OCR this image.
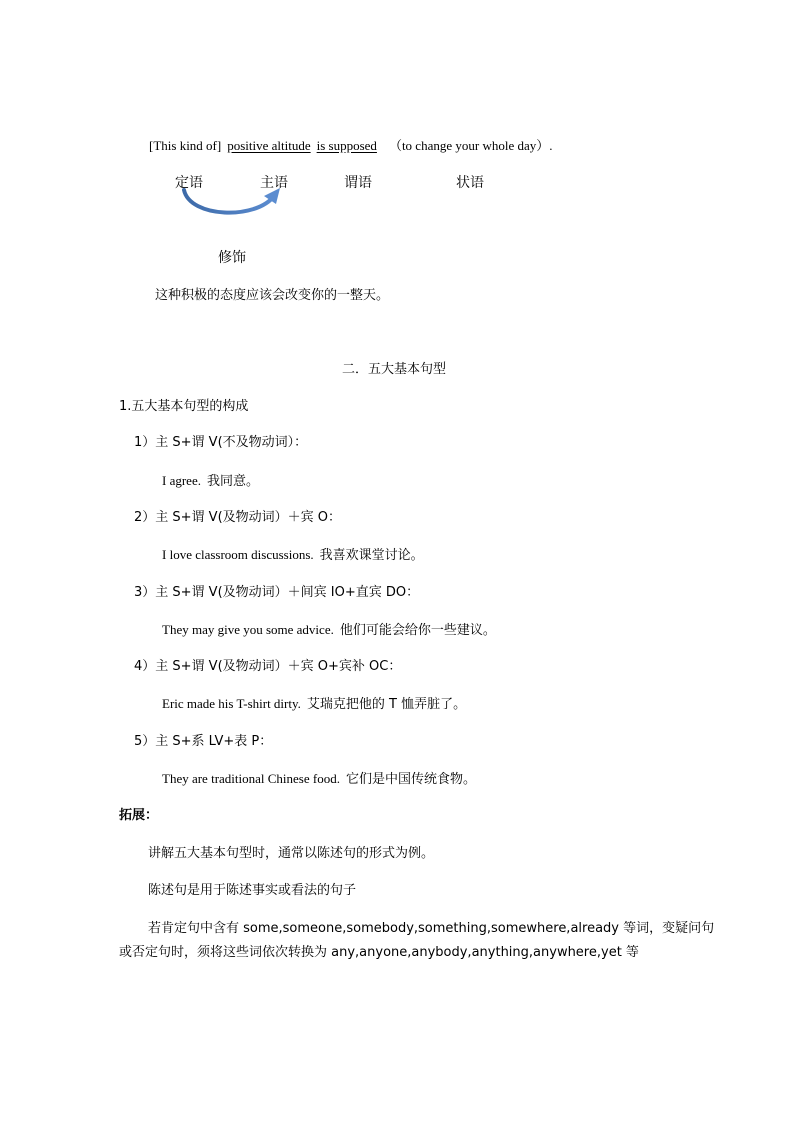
[This kind of] positive altitude is supposed （to change your whole day）.
定语	主语	谓语	状语
修饰
这种积极的态度应该会改变你的一整天。
二．五大基本句型
1.五大基本句型的构成
1）主 S+谓 V(不及物动词）：
I agree. 我同意。
2）主 S+谓 V(及物动词）＋宾 O：
I love classroom discussions. 我喜欢课堂讨论。
3）主 S+谓 V(及物动词）＋间宾 IO+直宾 DO：
They may give you some advice. 他们可能会给你一些建议。
4）主 S+谓 V(及物动词）＋宾 O+宾补 OC：
Eric made his T-shirt dirty. 艾瑞克把他的 T 恤弄脏了。
5）主 S+系 LV+表 P：
They are traditional Chinese food. 它们是中国传统食物。
拓展：
讲解五大基本句型时，通常以陈述句的形式为例。
陈述句是用于陈述事实或看法的句子
若肯定句中含有 some,someone,somebody,something,somewhere,already 等词，变疑问句
或否定句时，须将这些词依次转换为 any,anyone,anybody,anything,anywhere,yet 等
